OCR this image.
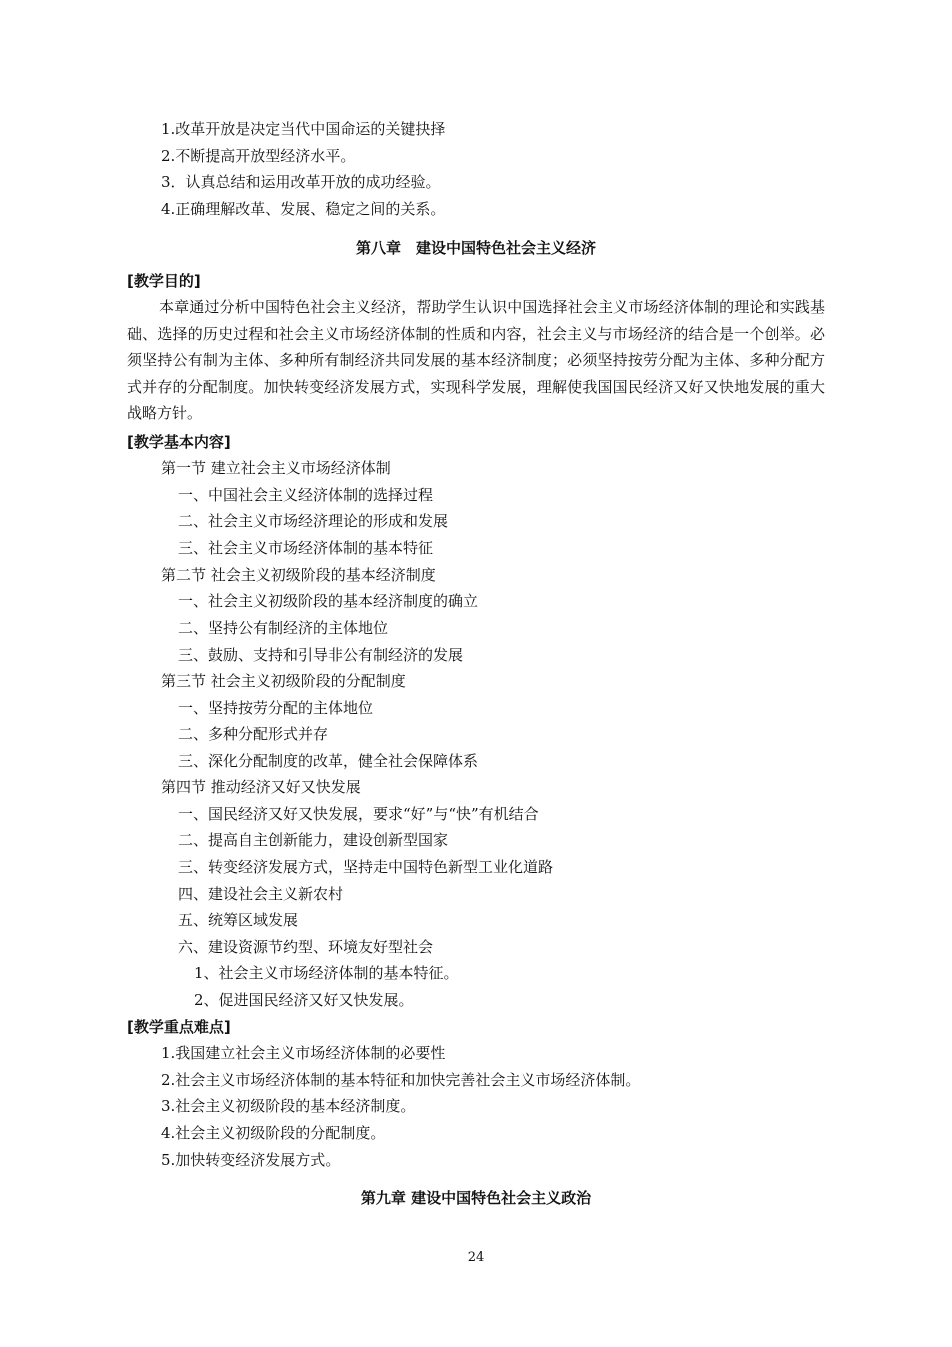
1.改革开放是决定当代中国命运的关键抉择
2.不断提高开放型经济水平。
3．认真总结和运用改革开放的成功经验。
4.正确理解改革、发展、稳定之间的关系。
第八章　建设中国特色社会主义经济
[教学目的]
本章通过分析中国特色社会主义经济，帮助学生认识中国选择社会主义市场经济体制的理论和实践基础、选择的历史过程和社会主义市场经济体制的性质和内容，社会主义与市场经济的结合是一个创举。必须坚持公有制为主体、多种所有制经济共同发展的基本经济制度；必须坚持按劳分配为主体、多种分配方式并存的分配制度。加快转变经济发展方式，实现科学发展，理解使我国国民经济又好又快地发展的重大战略方针。
[教学基本内容]
第一节 建立社会主义市场经济体制
一、中国社会主义经济体制的选择过程
二、社会主义市场经济理论的形成和发展
三、社会主义市场经济体制的基本特征
第二节 社会主义初级阶段的基本经济制度
一、社会主义初级阶段的基本经济制度的确立
二、坚持公有制经济的主体地位
三、鼓励、支持和引导非公有制经济的发展
第三节 社会主义初级阶段的分配制度
一、坚持按劳分配的主体地位
二、多种分配形式并存
三、深化分配制度的改革，健全社会保障体系
第四节 推动经济又好又快发展
一、国民经济又好又快发展，要求“好”与“快”有机结合
二、提高自主创新能力，建设创新型国家
三、转变经济发展方式，坚持走中国特色新型工业化道路
四、建设社会主义新农村
五、统筹区域发展
六、建设资源节约型、环境友好型社会
1、社会主义市场经济体制的基本特征。
2、促进国民经济又好又快发展。
[教学重点难点]
1.我国建立社会主义市场经济体制的必要性
2.社会主义市场经济体制的基本特征和加快完善社会主义市场经济体制。
3.社会主义初级阶段的基本经济制度。
4.社会主义初级阶段的分配制度。
5.加快转变经济发展方式。
第九章 建设中国特色社会主义政治
24
